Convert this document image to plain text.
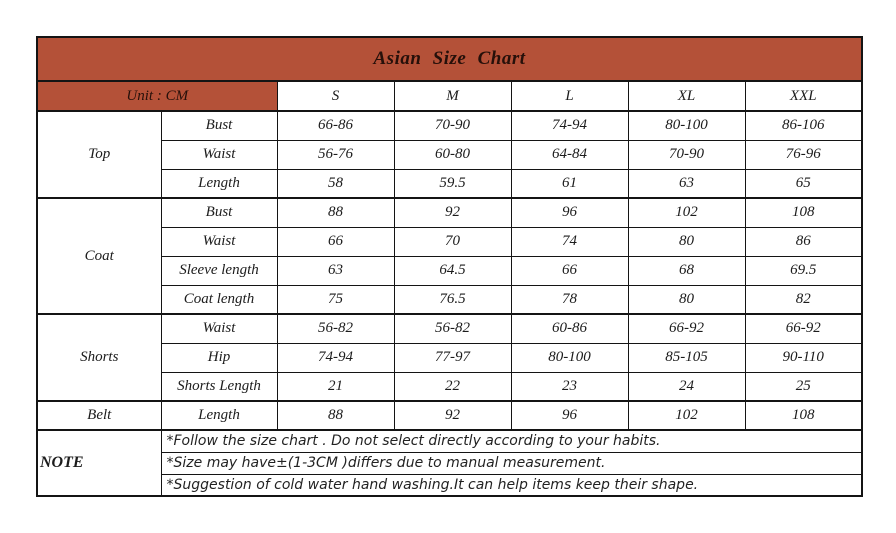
Asian Size Chart						
Unit : CM		S	M	L	XL	XXL
Top	Bust	66-86	70-90	74-94	80-100	86-106
	Waist	56-76	60-80	64-84	70-90	76-96
	Length	58	59.5	61	63	65
Coat	Bust	88	92	96	102	108
	Waist	66	70	74	80	86
	Sleeve length	63	64.5	66	68	69.5
	Coat length	75	76.5	78	80	82
Shorts	Waist	56-82	56-82	60-86	66-92	66-92
	Hip	74-94	77-97	80-100	85-105	90-110
	Shorts Length	21	22	23	24	25
Belt	Length	88	92	96	102	108
NOTE	*Follow the size chart . Do not select directly according to your habits.					
	*Size may have±(1-3CM )differs due to manual measurement.					
	*Suggestion of cold water hand washing.It can help items keep their shape.					
